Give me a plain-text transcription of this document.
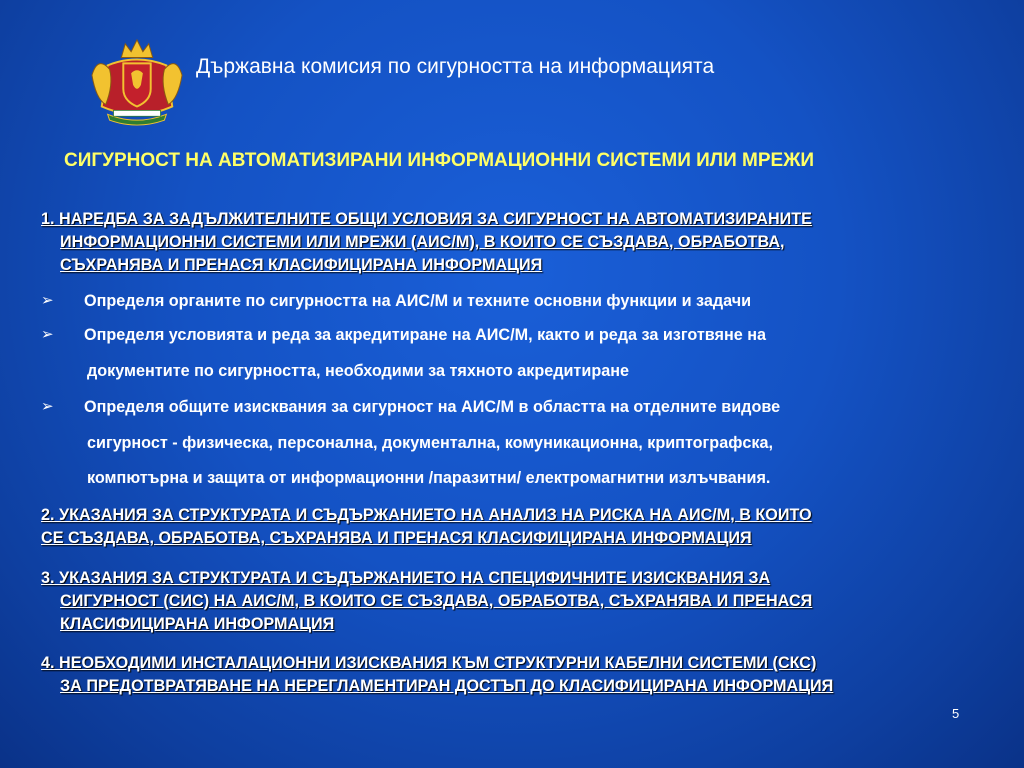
Държавна комисия по сигурността на информацията
СИГУРНОСТ НА АВТОМАТИЗИРАНИ ИНФОРМАЦИОННИ СИСТЕМИ ИЛИ МРЕЖИ
1. НАРЕДБА ЗА ЗАДЪЛЖИТЕЛНИТЕ ОБЩИ УСЛОВИЯ ЗА СИГУРНОСТ НА АВТОМАТИЗИРАНИТЕ
ИНФОРМАЦИОННИ СИСТЕМИ ИЛИ МРЕЖИ (АИС/М), В КОИТО СЕ СЪЗДАВА, ОБРАБОТВА,
СЪХРАНЯВА И ПРЕНАСЯ КЛАСИФИЦИРАНА ИНФОРМАЦИЯ
➢ Определя органите по сигурността на АИС/М и техните основни функции и задачи
➢ Определя условията и реда за акредитиране на АИС/М, както и реда за изготвяне на
документите по сигурността, необходими за тяхното акредитиране
➢ Определя общите изисквания за сигурност на АИС/М в областта на отделните видове
сигурност - физическа, персонална, документална, комуникационна, криптографска,
компютърна и защита от информационни /паразитни/ електромагнитни излъчвания.
2. УКАЗАНИЯ ЗА СТРУКТУРАТА И СЪДЪРЖАНИЕТО НА АНАЛИЗ НА РИСКА НА АИС/М, В КОИТО
СЕ СЪЗДАВА, ОБРАБОТВА, СЪХРАНЯВА И ПРЕНАСЯ КЛАСИФИЦИРАНА ИНФОРМАЦИЯ
3. УКАЗАНИЯ ЗА СТРУКТУРАТА И СЪДЪРЖАНИЕТО НА СПЕЦИФИЧНИТЕ ИЗИСКВАНИЯ ЗА
СИГУРНОСТ (СИС) НА АИС/М, В КОИТО СЕ СЪЗДАВА, ОБРАБОТВА, СЪХРАНЯВА И ПРЕНАСЯ
КЛАСИФИЦИРАНА ИНФОРМАЦИЯ
4. НЕОБХОДИМИ ИНСТАЛАЦИОННИ ИЗИСКВАНИЯ КЪМ СТРУКТУРНИ КАБЕЛНИ СИСТЕМИ (СКС)
ЗА ПРЕДОТВРАТЯВАНЕ НА НЕРЕГЛАМЕНТИРАН ДОСТЪП ДО КЛАСИФИЦИРАНА ИНФОРМАЦИЯ
5
